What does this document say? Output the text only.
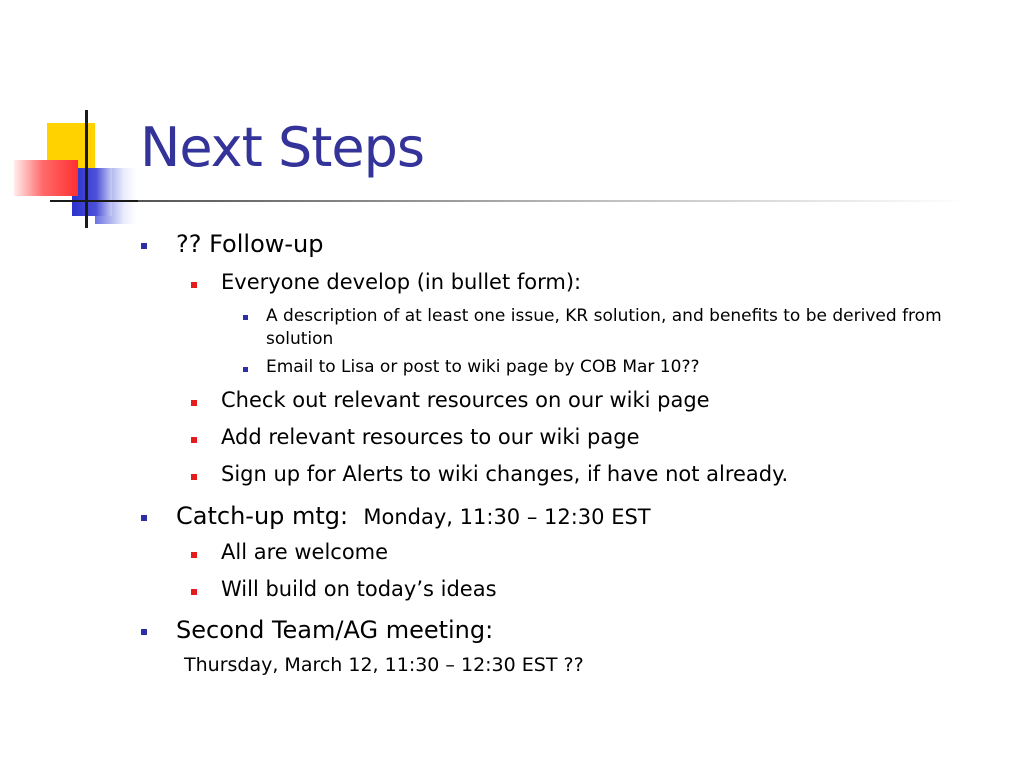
Next Steps
?? Follow-up
Everyone develop (in bullet form):
A description of at least one issue, KR solution, and benefits to be derived from solution
Email to Lisa or post to wiki page by COB Mar 10??
Check out relevant resources on our wiki page
Add relevant resources to our wiki page
Sign up for Alerts to wiki changes, if have not already.
Catch-up mtg: Monday, 11:30 – 12:30 EST
All are welcome
Will build on today’s ideas
Second Team/AG meeting:
Thursday, March 12, 11:30 – 12:30 EST ??
